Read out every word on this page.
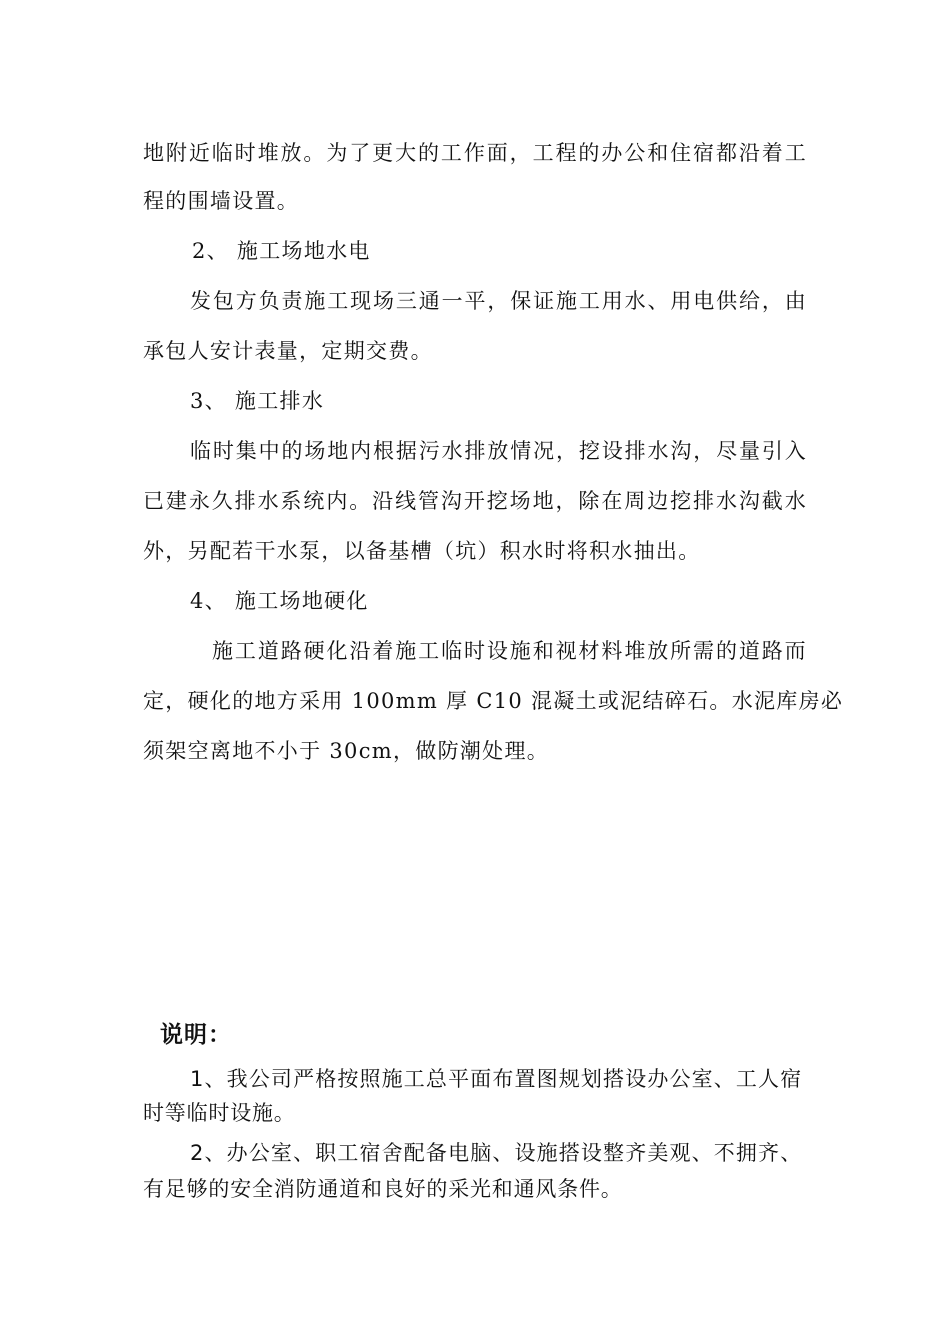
地附近临时堆放。为了更大的工作面，工程的办公和住宿都沿着工
程的围墙设置。
2、 施工场地水电
发包方负责施工现场三通一平，保证施工用水、用电供给，由
承包人安计表量，定期交费。
3、 施工排水
临时集中的场地内根据污水排放情况，挖设排水沟，尽量引入
已建永久排水系统内。沿线管沟开挖场地，除在周边挖排水沟截水
外，另配若干水泵，以备基槽（坑）积水时将积水抽出。
4、 施工场地硬化
施工道路硬化沿着施工临时设施和视材料堆放所需的道路而
定，硬化的地方采用 100mm 厚 C10 混凝土或泥结碎石。水泥库房必
须架空离地不小于 30cm，做防潮处理。
说明：
1、我公司严格按照施工总平面布置图规划搭设办公室、工人宿
时等临时设施。
2、办公室、职工宿舍配备电脑、设施搭设整齐美观、不拥齐、
有足够的安全消防通道和良好的采光和通风条件。
